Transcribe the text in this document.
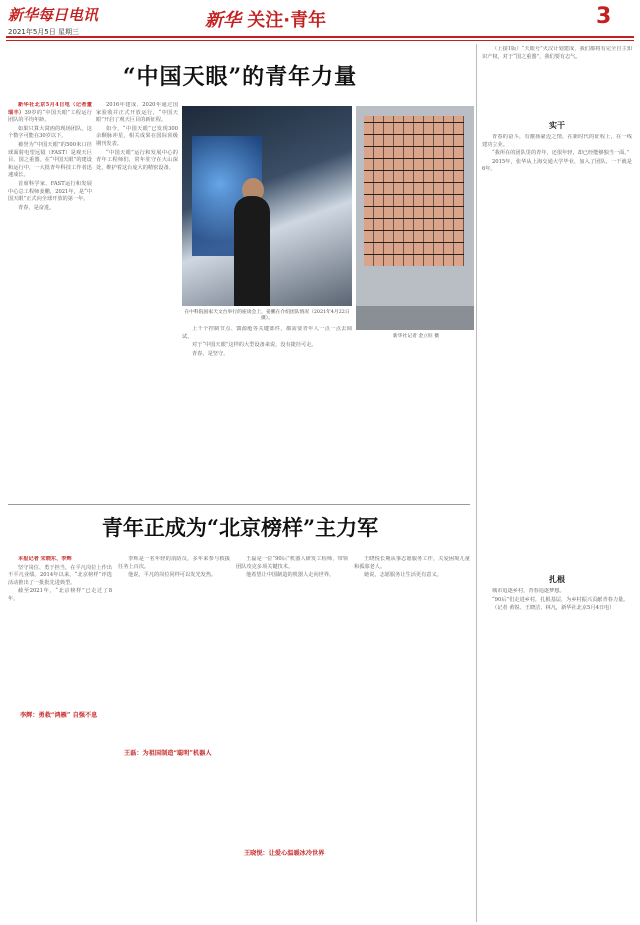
新华每日电讯
2021年5月5日 星期三
新华 关注·青年	3
“中国天眼”的青年力量

新华社北京5月4日电（记者董瑞丰）39岁的“中国天眼”工程运行团队的平均年龄。

如果只算大窝凼的现场团队，这个数字可能在30岁以下。

被誉为“中国天眼”的500米口径球面射电望远镜（FAST）是观天巨目、国之重器。在“中国天眼”的建设和运行中，一大批青年科技工作者迅速成长。

首席科学家、FAST运行和发展中心总工程师姜鹏，2021年，是“中国天眼”正式向全球开放的第一年。

青春，是奋进。

2016年建成、2020年通过国家验收并正式开放运行，“中国天眼”开启了观天巨目的新征程。

如今，“中国天眼”已发现300余颗脉冲星，相关成果在国际顶级期刊发表。

“中国天眼”运行和发展中心的青年工程师们，常年驻守在大山深处，维护着这台庞大的精密设备。

在中科院国家天文台举行的座谈会上，姜鹏在介绍团队情况（2021年4月22日摄）。
新华社记者 金立旺 摄

上千个控制节点、馈源舱等关键部件，都需要青年人一点一点去调试。

对于“中国天眼”这样的大型设备来说，没有捷径可走。

青春，是坚守。

青年正成为“北京榜样”主力军

本报记者 宋晓东、李辉

坚守岗位、勇于担当，在平凡岗位上作出不平凡业绩。2014年以来，“北京榜样”评选活动推出了一批批先进典型。

截至2021年，“北京榜样”已走过了8年。

李辉：勇救“鸿雁” 自强不息

李辉是一名年轻的消防员，多年来参与救援任务上百次。

他说，平凡的岗位同样可以发光发热。

王磊：为祖国制造“聪明”机器人

王磊是一位“90后”机器人研发工程师，带领团队攻克多项关键技术。

他希望让中国制造的机器人走向世界。

王晓悦：让爱心温暖冰冷世界

王晓悦长期从事志愿服务工作，关爱困境儿童和孤寡老人。

她说，志愿服务让生活更有意义。

（上接1版）“天眼号”火汉计划建成，我们都将有完全自主知识产权，对于“国之重器”，我们要有志气。

实干

青春的奋斗，有激扬豪迈之情，在新时代的征程上，在一线建功立业。

“我所在的团队里的青年，还很年轻，却已经能够独当一面。”

2015年，张华从上海交通大学毕业，加入了团队，一干就是6年。

扎根

城市追逐乡村，青春追逐梦想。

“90后”们走进乡村，扎根基层，为乡村振兴贡献青春力量。

（记者 黄锐、王晓洁、林凡，新华社北京5月4日电）
